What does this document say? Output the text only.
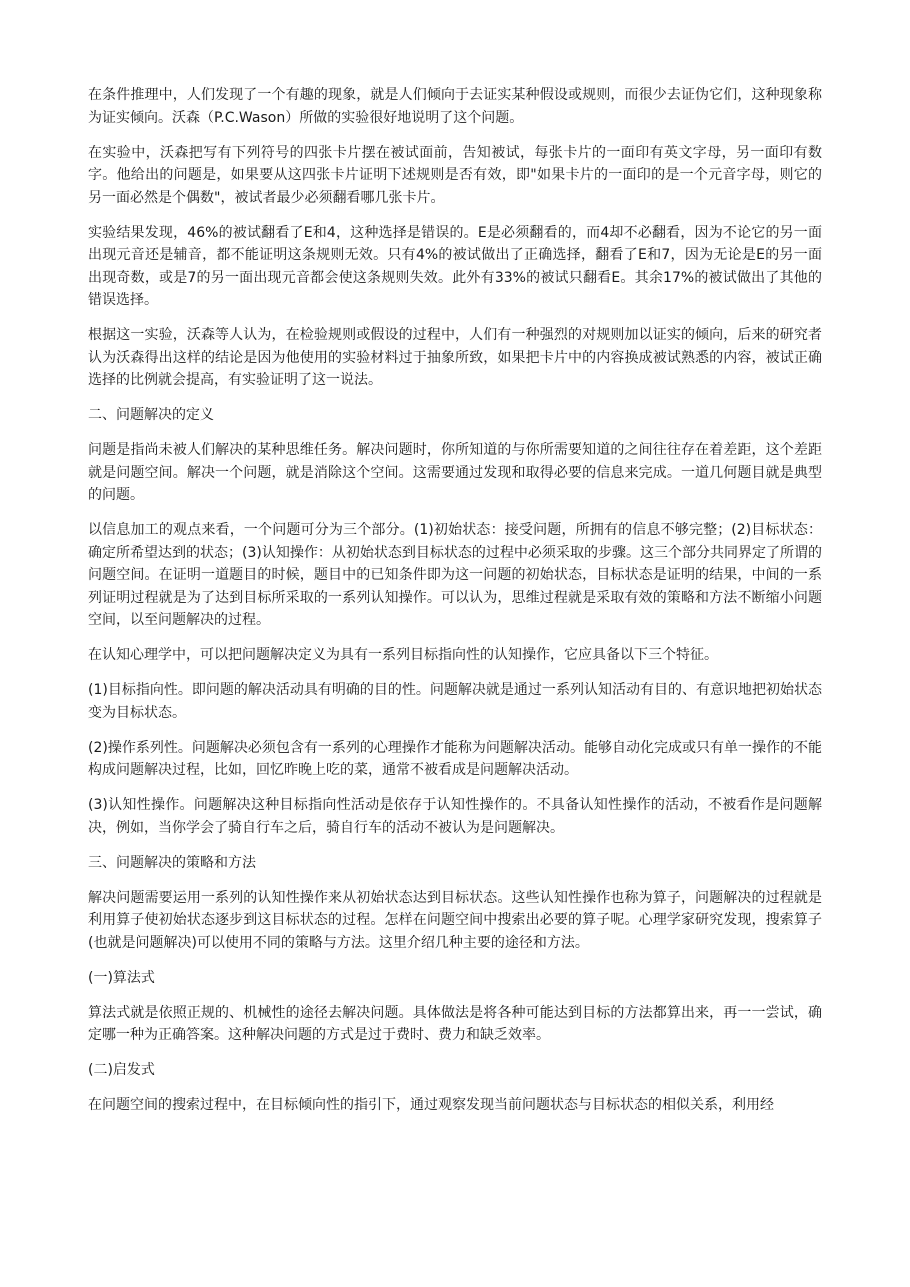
在条件推理中，人们发现了一个有趣的现象，就是人们倾向于去证实某种假设或规则，而很少去证伪它们，这种现象称为证实倾向。沃森（P.C.Wason）所做的实验很好地说明了这个问题。

在实验中，沃森把写有下列符号的四张卡片摆在被试面前，告知被试，每张卡片的一面印有英文字母，另一面印有数字。他给出的问题是，如果要从这四张卡片证明下述规则是否有效，即"如果卡片的一面印的是一个元音字母，则它的另一面必然是个偶数"，被试者最少必须翻看哪几张卡片。

实验结果发现，46%的被试翻看了E和4，这种选择是错误的。E是必须翻看的，而4却不必翻看，因为不论它的另一面出现元音还是辅音，都不能证明这条规则无效。只有4%的被试做出了正确选择，翻看了E和7，因为无论是E的另一面出现奇数，或是7的另一面出现元音都会使这条规则失效。此外有33%的被试只翻看E。其余17%的被试做出了其他的错误选择。

根据这一实验，沃森等人认为，在检验规则或假设的过程中，人们有一种强烈的对规则加以证实的倾向，后来的研究者认为沃森得出这样的结论是因为他使用的实验材料过于抽象所致，如果把卡片中的内容换成被试熟悉的内容，被试正确选择的比例就会提高，有实验证明了这一说法。

二、问题解决的定义

问题是指尚未被人们解决的某种思维任务。解决问题时，你所知道的与你所需要知道的之间往往存在着差距，这个差距就是问题空间。解决一个问题，就是消除这个空间。这需要通过发现和取得必要的信息来完成。一道几何题目就是典型的问题。

以信息加工的观点来看，一个问题可分为三个部分。(1)初始状态：接受问题，所拥有的信息不够完整；(2)目标状态：确定所希望达到的状态；(3)认知操作：从初始状态到目标状态的过程中必须采取的步骤。这三个部分共同界定了所谓的问题空间。在证明一道题目的时候，题目中的已知条件即为这一问题的初始状态，目标状态是证明的结果，中间的一系列证明过程就是为了达到目标所采取的一系列认知操作。可以认为，思维过程就是采取有效的策略和方法不断缩小问题空间，以至问题解决的过程。

在认知心理学中，可以把问题解决定义为具有一系列目标指向性的认知操作，它应具备以下三个特征。

(1)目标指向性。即问题的解决活动具有明确的目的性。问题解决就是通过一系列认知活动有目的、有意识地把初始状态变为目标状态。

(2)操作系列性。问题解决必须包含有一系列的心理操作才能称为问题解决活动。能够自动化完成或只有单一操作的不能构成问题解决过程，比如，回忆昨晚上吃的菜，通常不被看成是问题解决活动。

(3)认知性操作。问题解决这种目标指向性活动是依存于认知性操作的。不具备认知性操作的活动，不被看作是问题解决，例如，当你学会了骑自行车之后，骑自行车的活动不被认为是问题解决。

三、问题解决的策略和方法

解决问题需要运用一系列的认知性操作来从初始状态达到目标状态。这些认知性操作也称为算子，问题解决的过程就是利用算子使初始状态逐步到这目标状态的过程。怎样在问题空间中搜索出必要的算子呢。心理学家研究发现，搜索算子(也就是问题解决)可以使用不同的策略与方法。这里介绍几种主要的途径和方法。

(一)算法式

算法式就是依照正规的、机械性的途径去解决问题。具体做法是将各种可能达到目标的方法都算出来，再一一尝试，确定哪一种为正确答案。这种解决问题的方式是过于费时、费力和缺乏效率。

(二)启发式

在问题空间的搜索过程中，在目标倾向性的指引下，通过观察发现当前问题状态与目标状态的相似关系，利用经
